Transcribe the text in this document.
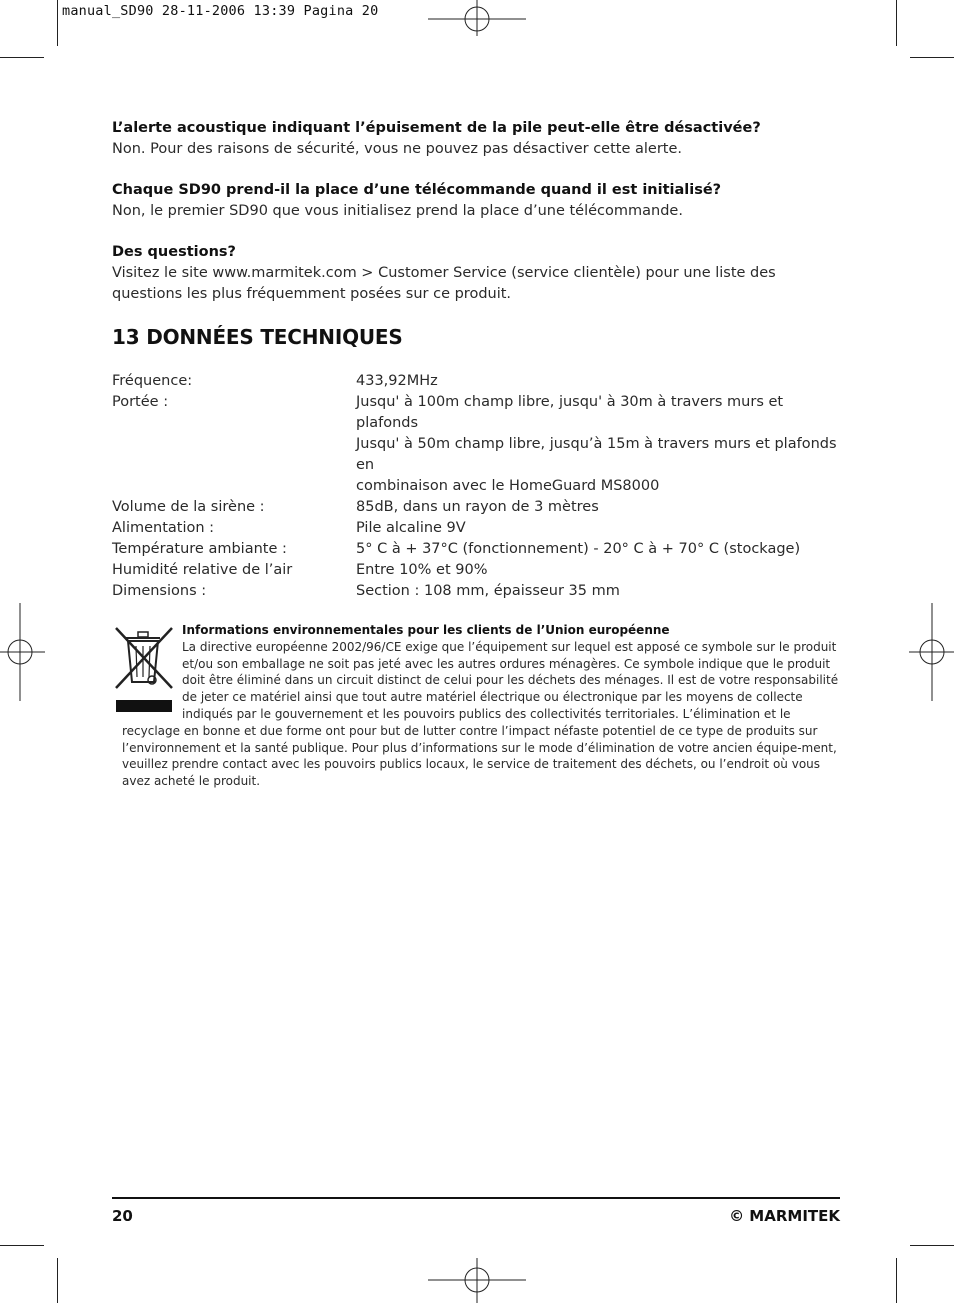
manual_SD90 28-11-2006 13:39 Pagina 20
L’alerte acoustique indiquant l’épuisement de la pile peut-elle être désactivée?
Non. Pour des raisons de sécurité, vous ne pouvez pas désactiver cette alerte.
Chaque SD90 prend-il la place d’une télécommande quand il est initialisé?
Non, le premier SD90 que vous initialisez prend la place d’une télécommande.
Des questions?
Visitez le site www.marmitek.com > Customer Service (service clientèle) pour une liste des
questions les plus fréquemment posées sur ce produit.
13 DONNÉES TECHNIQUES
Fréquence:	433,92MHz
Portée :	Jusqu' à 100m champ libre, jusqu' à 30m à travers murs et plafonds
Jusqu' à 50m champ libre, jusqu’à 15m à travers murs et plafonds en
combinaison avec le HomeGuard MS8000
Volume de la sirène :	85dB, dans un rayon de 3 mètres
Alimentation :	Pile alcaline 9V
Température ambiante :	5° C à + 37°C (fonctionnement) - 20° C à + 70° C (stockage)
Humidité relative de l’air	Entre 10% et 90%
Dimensions :	Section : 108 mm, épaisseur 35 mm
Informations environnementales pour les clients de l’Union européenne
La directive européenne 2002/96/CE exige que l’équipement sur lequel est apposé ce symbole sur le produit et/ou son emballage ne soit pas jeté avec les autres ordures ménagères. Ce symbole indique que le produit doit être éliminé dans un circuit distinct de celui pour les déchets des ménages. Il est de votre responsabilité de jeter ce matériel ainsi que tout autre matériel électrique ou électronique par les moyens de collecte indiqués par le gouvernement et les pouvoirs publics des collectivités territoriales. L’élimination et le recyclage en bonne et due forme ont pour but de lutter contre l’impact néfaste potentiel de ce type de produits sur l’environnement et la santé publique. Pour plus d’informations sur le mode d’élimination de votre ancien équipe-ment, veuillez prendre contact avec les pouvoirs publics locaux, le service de traitement des déchets, ou l’endroit où vous avez acheté le produit.
20	© MARMITEK
